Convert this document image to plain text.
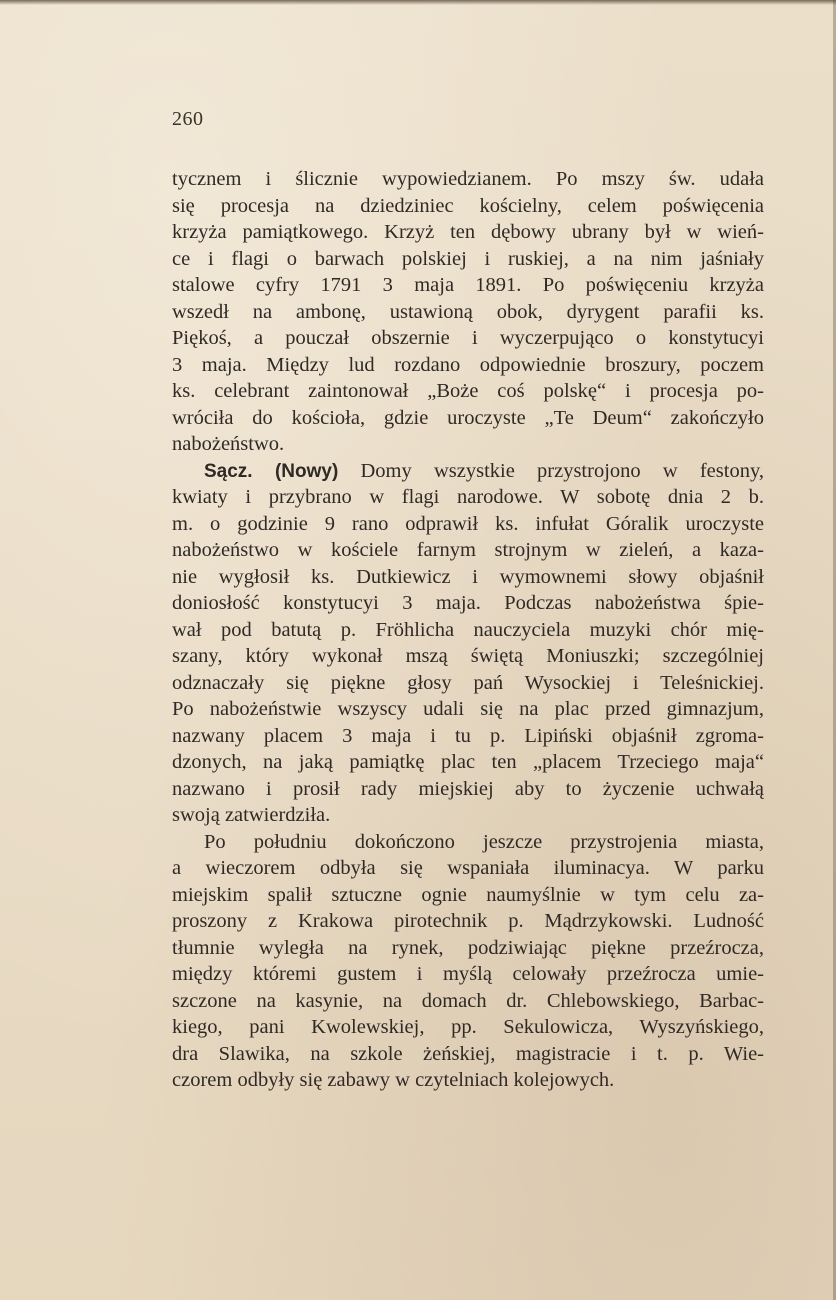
260
tycznem i ślicznie wypowiedzianem. Po mszy św. udała
się procesja na dziedziniec kościelny, celem poświęcenia
krzyża pamiątkowego. Krzyż ten dębowy ubrany był w wień-
ce i flagi o barwach polskiej i ruskiej, a na nim jaśniały
stalowe cyfry 1791 3 maja 1891. Po poświęceniu krzyża
wszedł na ambonę, ustawioną obok, dyrygent parafii ks.
Piękoś, a pouczał obszernie i wyczerpująco o konstytucyi
3 maja. Między lud rozdano odpowiednie broszury, poczem
ks. celebrant zaintonował „Boże coś polskę“ i procesja po-
wróciła do kościoła, gdzie uroczyste „Te Deum“ zakończyło
nabożeństwo.
Sącz. (Nowy) Domy wszystkie przystrojono w festony,
kwiaty i przybrano w flagi narodowe. W sobotę dnia 2 b.
m. o godzinie 9 rano odprawił ks. infułat Góralik uroczyste
nabożeństwo w kościele farnym strojnym w zieleń, a kaza-
nie wygłosił ks. Dutkiewicz i wymownemi słowy objaśnił
doniosłość konstytucyi 3 maja. Podczas nabożeństwa śpie-
wał pod batutą p. Fröhlicha nauczyciela muzyki chór mię-
szany, który wykonał mszą świętą Moniuszki; szczególniej
odznaczały się piękne głosy pań Wysockiej i Teleśnickiej.
Po nabożeństwie wszyscy udali się na plac przed gimnazjum,
nazwany placem 3 maja i tu p. Lipiński objaśnił zgroma-
dzonych, na jaką pamiątkę plac ten „placem Trzeciego maja“
nazwano i prosił rady miejskiej aby to życzenie uchwałą
swoją zatwierdziła.
Po południu dokończono jeszcze przystrojenia miasta,
a wieczorem odbyła się wspaniała iluminacya. W parku
miejskim spalił sztuczne ognie naumyślnie w tym celu za-
proszony z Krakowa pirotechnik p. Mądrzykowski. Ludność
tłumnie wyległa na rynek, podziwiając piękne przeźrocza,
między któremi gustem i myślą celowały przeźrocza umie-
szczone na kasynie, na domach dr. Chlebowskiego, Barbac-
kiego, pani Kwolewskiej, pp. Sekulowicza, Wyszyńskiego,
dra Slawika, na szkole żeńskiej, magistracie i t. p. Wie-
czorem odbyły się zabawy w czytelniach kolejowych.
